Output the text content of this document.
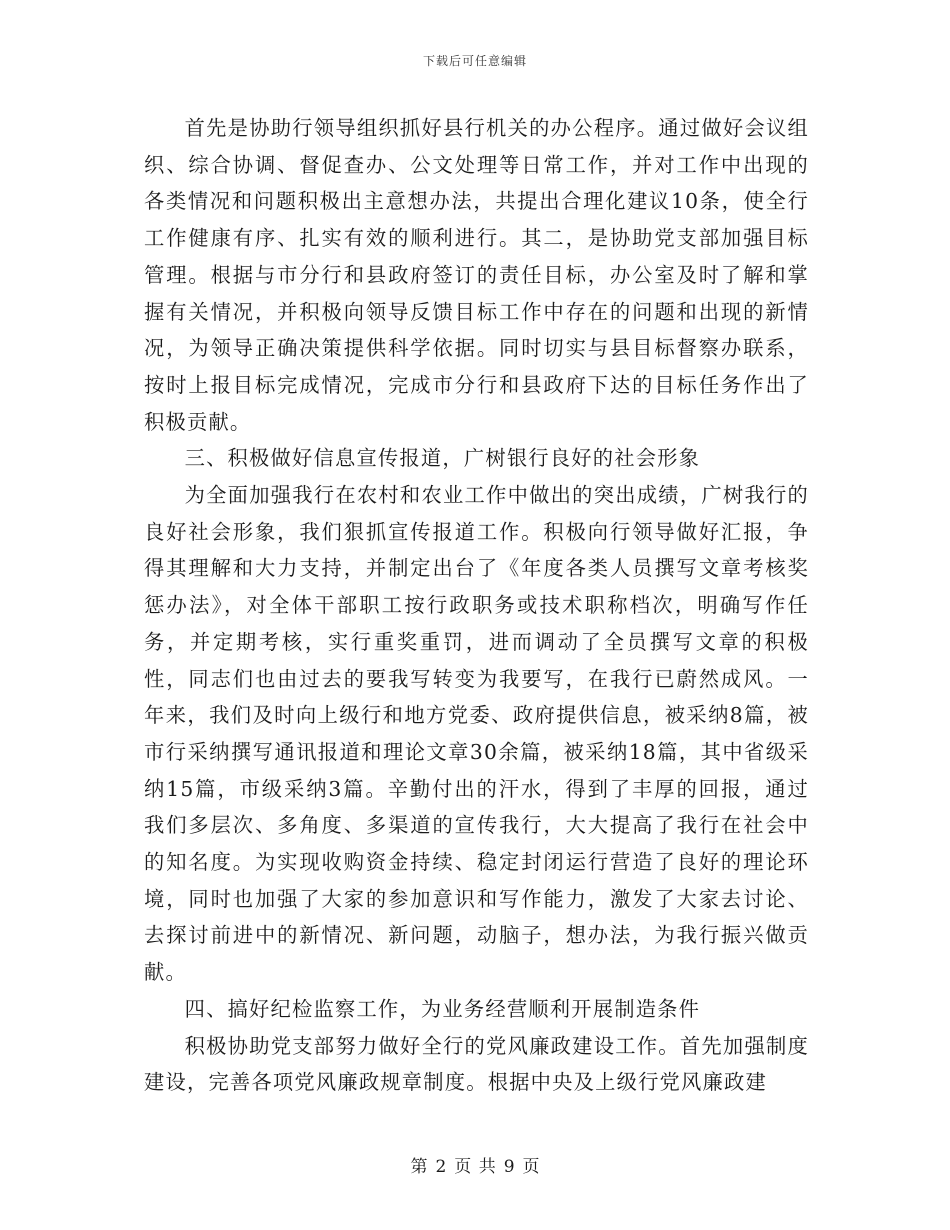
下载后可任意编辑

首先是协助行领导组织抓好县行机关的办公程序。通过做好会议组织、综合协调、督促查办、公文处理等日常工作，并对工作中出现的各类情况和问题积极出主意想办法，共提出合理化建议10条，使全行工作健康有序、扎实有效的顺利进行。其二，是协助党支部加强目标管理。根据与市分行和县政府签订的责任目标，办公室及时了解和掌握有关情况，并积极向领导反馈目标工作中存在的问题和出现的新情况，为领导正确决策提供科学依据。同时切实与县目标督察办联系，按时上报目标完成情况，完成市分行和县政府下达的目标任务作出了积极贡献。

三、积极做好信息宣传报道，广树银行良好的社会形象

为全面加强我行在农村和农业工作中做出的突出成绩，广树我行的良好社会形象，我们狠抓宣传报道工作。积极向行领导做好汇报，争得其理解和大力支持，并制定出台了《年度各类人员撰写文章考核奖惩办法》，对全体干部职工按行政职务或技术职称档次，明确写作任务，并定期考核，实行重奖重罚，进而调动了全员撰写文章的积极性，同志们也由过去的要我写转变为我要写，在我行已蔚然成风。一年来，我们及时向上级行和地方党委、政府提供信息，被采纳8篇，被市行采纳撰写通讯报道和理论文章30余篇，被采纳18篇，其中省级采纳15篇，市级采纳3篇。辛勤付出的汗水，得到了丰厚的回报，通过我们多层次、多角度、多渠道的宣传我行，大大提高了我行在社会中的知名度。为实现收购资金持续、稳定封闭运行营造了良好的理论环境，同时也加强了大家的参加意识和写作能力，激发了大家去讨论、去探讨前进中的新情况、新问题，动脑子，想办法，为我行振兴做贡献。

四、搞好纪检监察工作，为业务经营顺利开展制造条件

积极协助党支部努力做好全行的党风廉政建设工作。首先加强制度建设，完善各项党风廉政规章制度。根据中央及上级行党风廉政建

第 2 页 共 9 页
